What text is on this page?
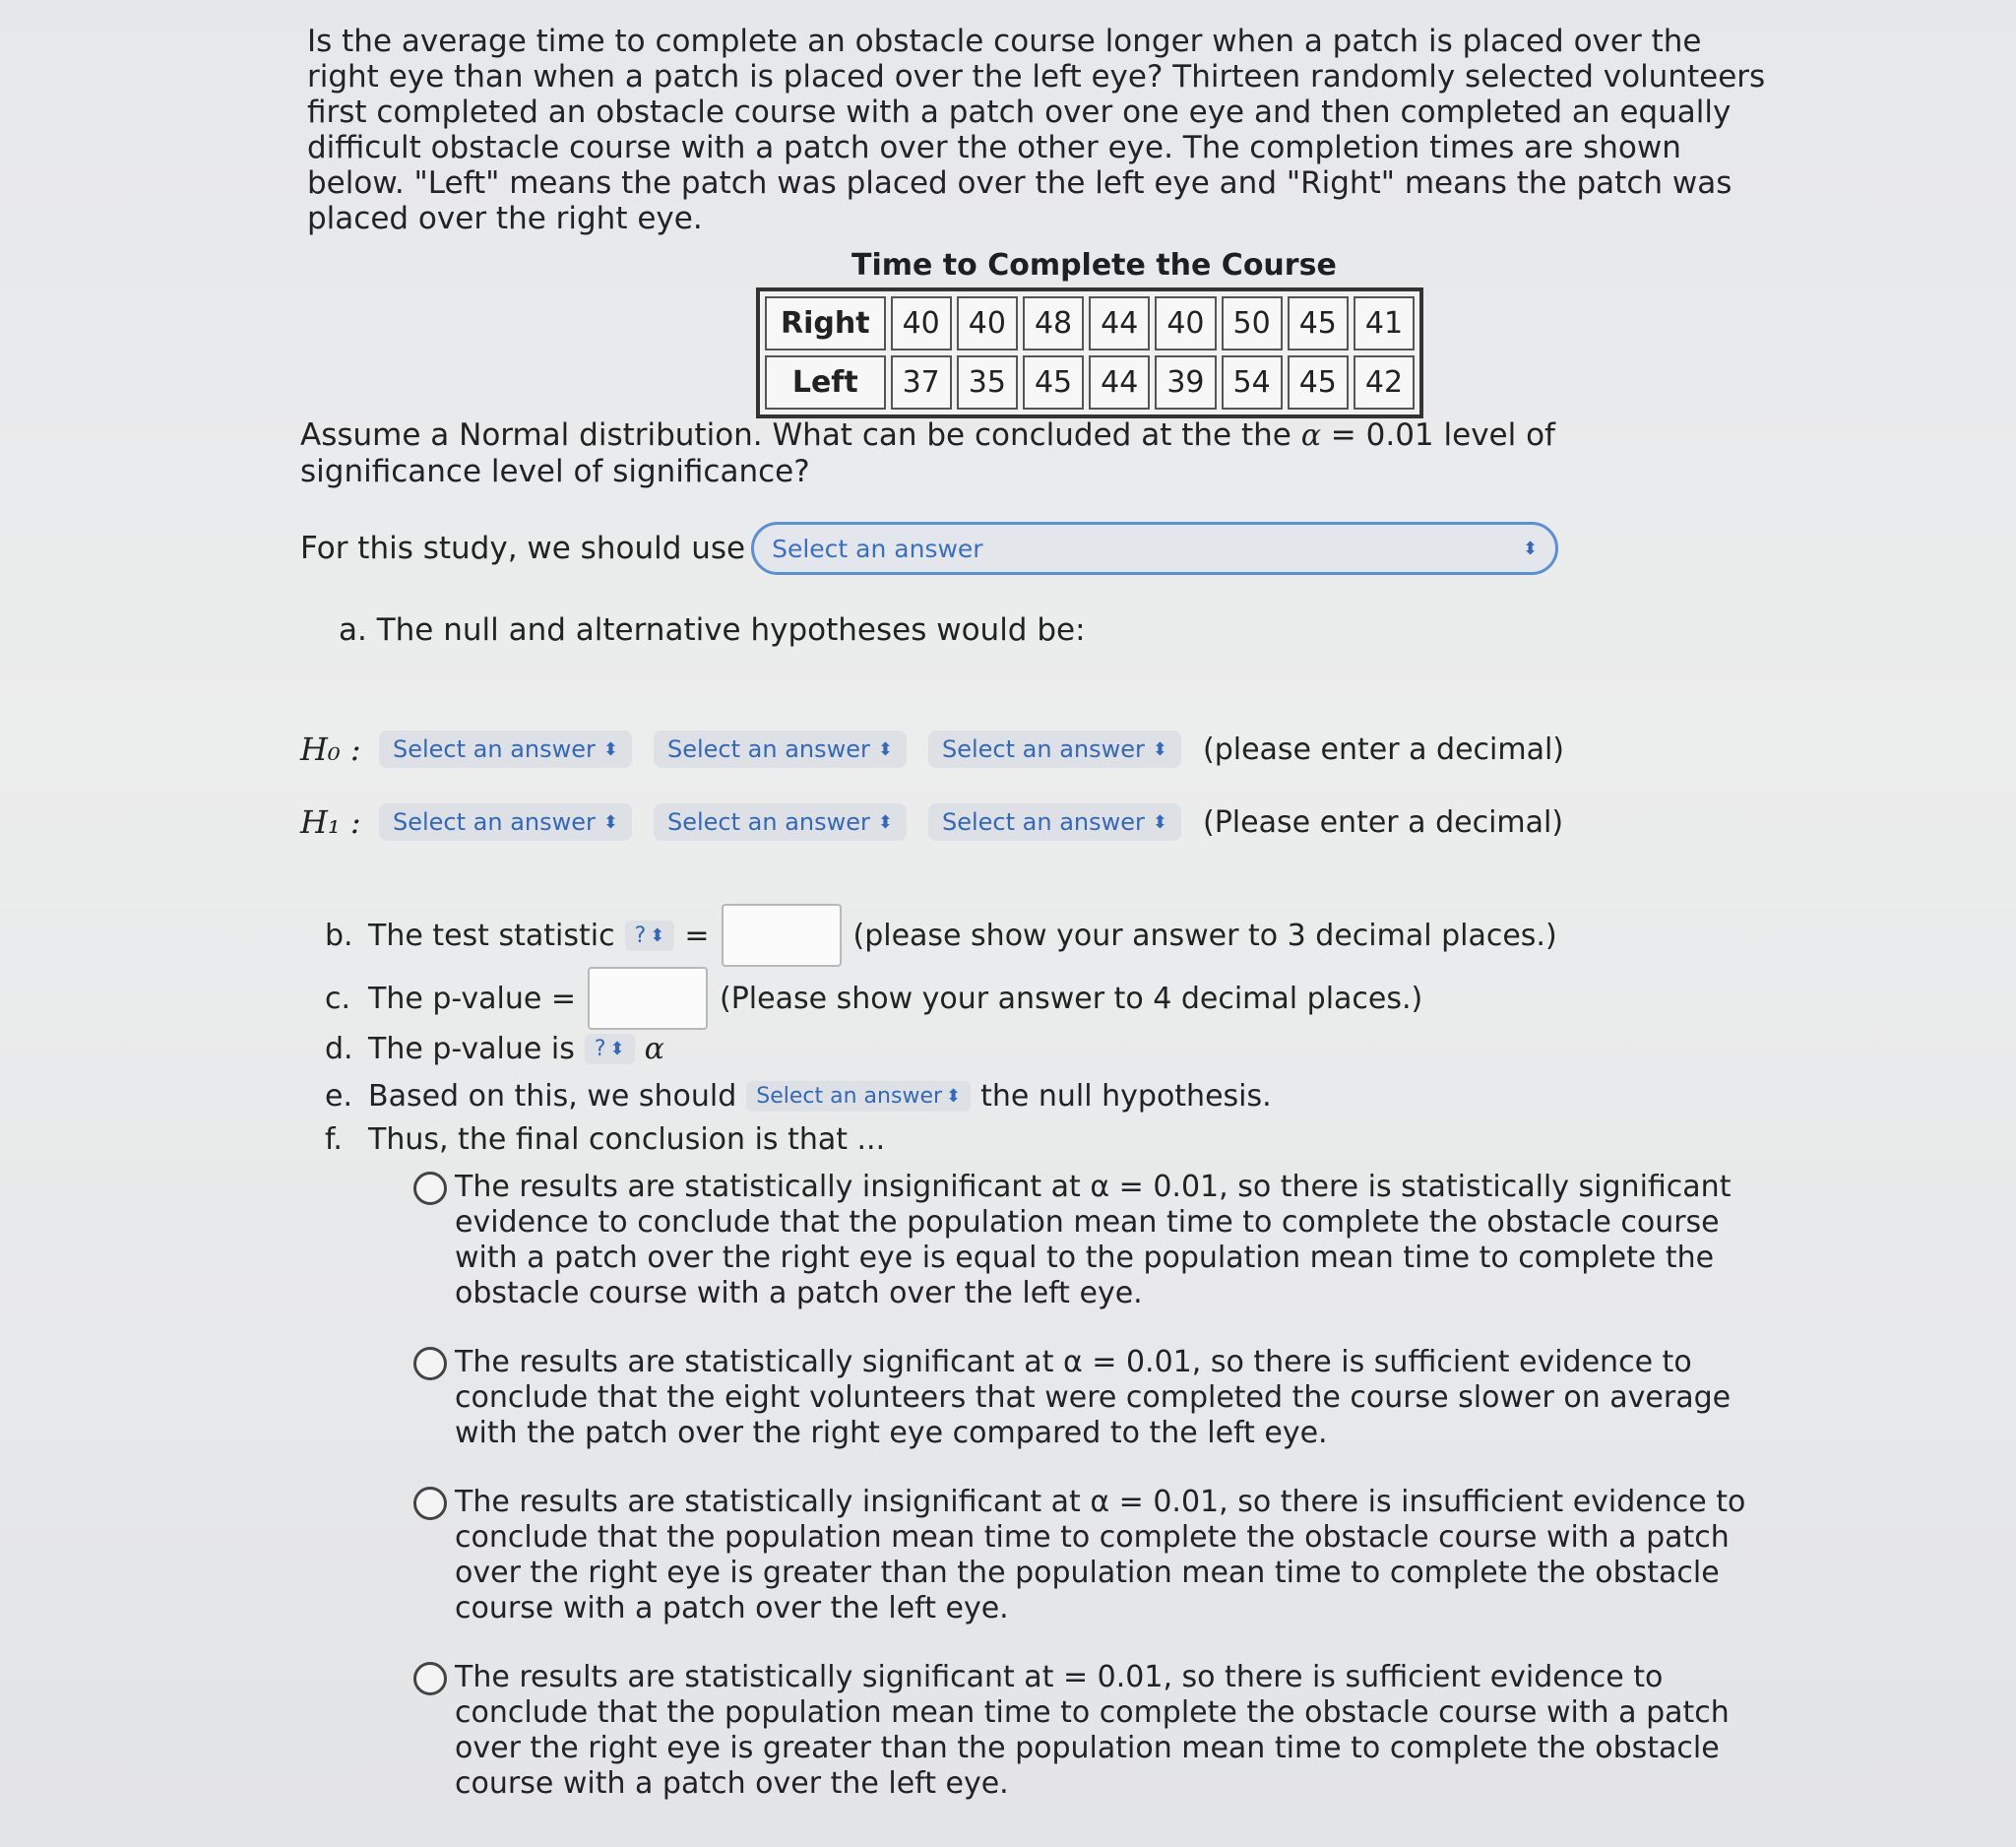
Is the average time to complete an obstacle course longer when a patch is placed over the right eye than when a patch is placed over the left eye? Thirteen randomly selected volunteers first completed an obstacle course with a patch over one eye and then completed an equally difficult obstacle course with a patch over the other eye. The completion times are shown below. "Left" means the patch was placed over the left eye and "Right" means the patch was placed over the right eye.
Time to Complete the Course
Right	40	40	48	44	40	50	45	41
Left	37	35	45	44	39	54	45	42
Assume a Normal distribution. What can be concluded at the the α = 0.01 level of significance level of significance?
For this study, we should use Select an answer	⬍
a. The null and alternative hypotheses would be:
H₀ :	Select an answer ⬍ Select an answer ⬍ Select an answer ⬍ (please enter a decimal)
H₁ :	Select an answer ⬍ Select an answer ⬍ Select an answer ⬍ (Please enter a decimal)
b. The test statistic ? ⬍ =	(please show your answer to 3 decimal places.)
c. The p-value =	(Please show your answer to 4 decimal places.)
d. The p-value is ? ⬍ α
e. Based on this, we should Select an answer ⬍ the null hypothesis.
f. Thus, the final conclusion is that ...
The results are statistically insignificant at α = 0.01, so there is statistically significant evidence to conclude that the population mean time to complete the obstacle course with a patch over the right eye is equal to the population mean time to complete the obstacle course with a patch over the left eye.
The results are statistically significant at α = 0.01, so there is sufficient evidence to conclude that the eight volunteers that were completed the course slower on average with the patch over the right eye compared to the left eye.
The results are statistically insignificant at α = 0.01, so there is insufficient evidence to conclude that the population mean time to complete the obstacle course with a patch over the right eye is greater than the population mean time to complete the obstacle course with a patch over the left eye.
The results are statistically significant at = 0.01, so there is sufficient evidence to conclude that the population mean time to complete the obstacle course with a patch over the right eye is greater than the population mean time to complete the obstacle course with a patch over the left eye.
